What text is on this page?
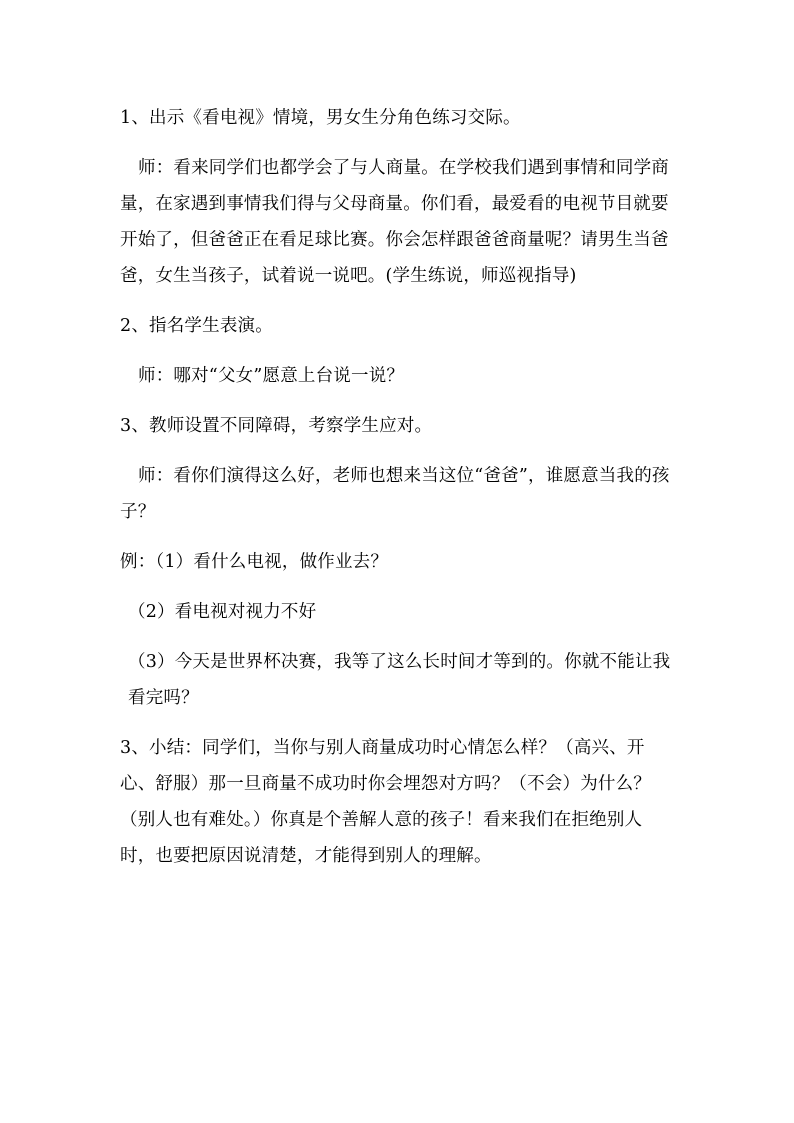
1、出示《看电视》情境，男女生分角色练习交际。

师：看来同学们也都学会了与人商量。在学校我们遇到事情和同学商量，在家遇到事情我们得与父母商量。你们看，最爱看的电视节目就要开始了，但爸爸正在看足球比赛。你会怎样跟爸爸商量呢？请男生当爸爸，女生当孩子，试着说一说吧。(学生练说，师巡视指导)

2、指名学生表演。

师：哪对“父女”愿意上台说一说？

3、教师设置不同障碍，考察学生应对。

师：看你们演得这么好，老师也想来当这位“爸爸”，谁愿意当我的孩子？

例：（1）看什么电视，做作业去？

（2）看电视对视力不好

（3）今天是世界杯决赛，我等了这么长时间才等到的。你就不能让我看完吗？

3、小结：同学们，当你与别人商量成功时心情怎么样？（高兴、开心、舒服）那一旦商量不成功时你会埋怨对方吗？（不会）为什么？（别人也有难处。）你真是个善解人意的孩子！看来我们在拒绝别人时，也要把原因说清楚，才能得到别人的理解。
